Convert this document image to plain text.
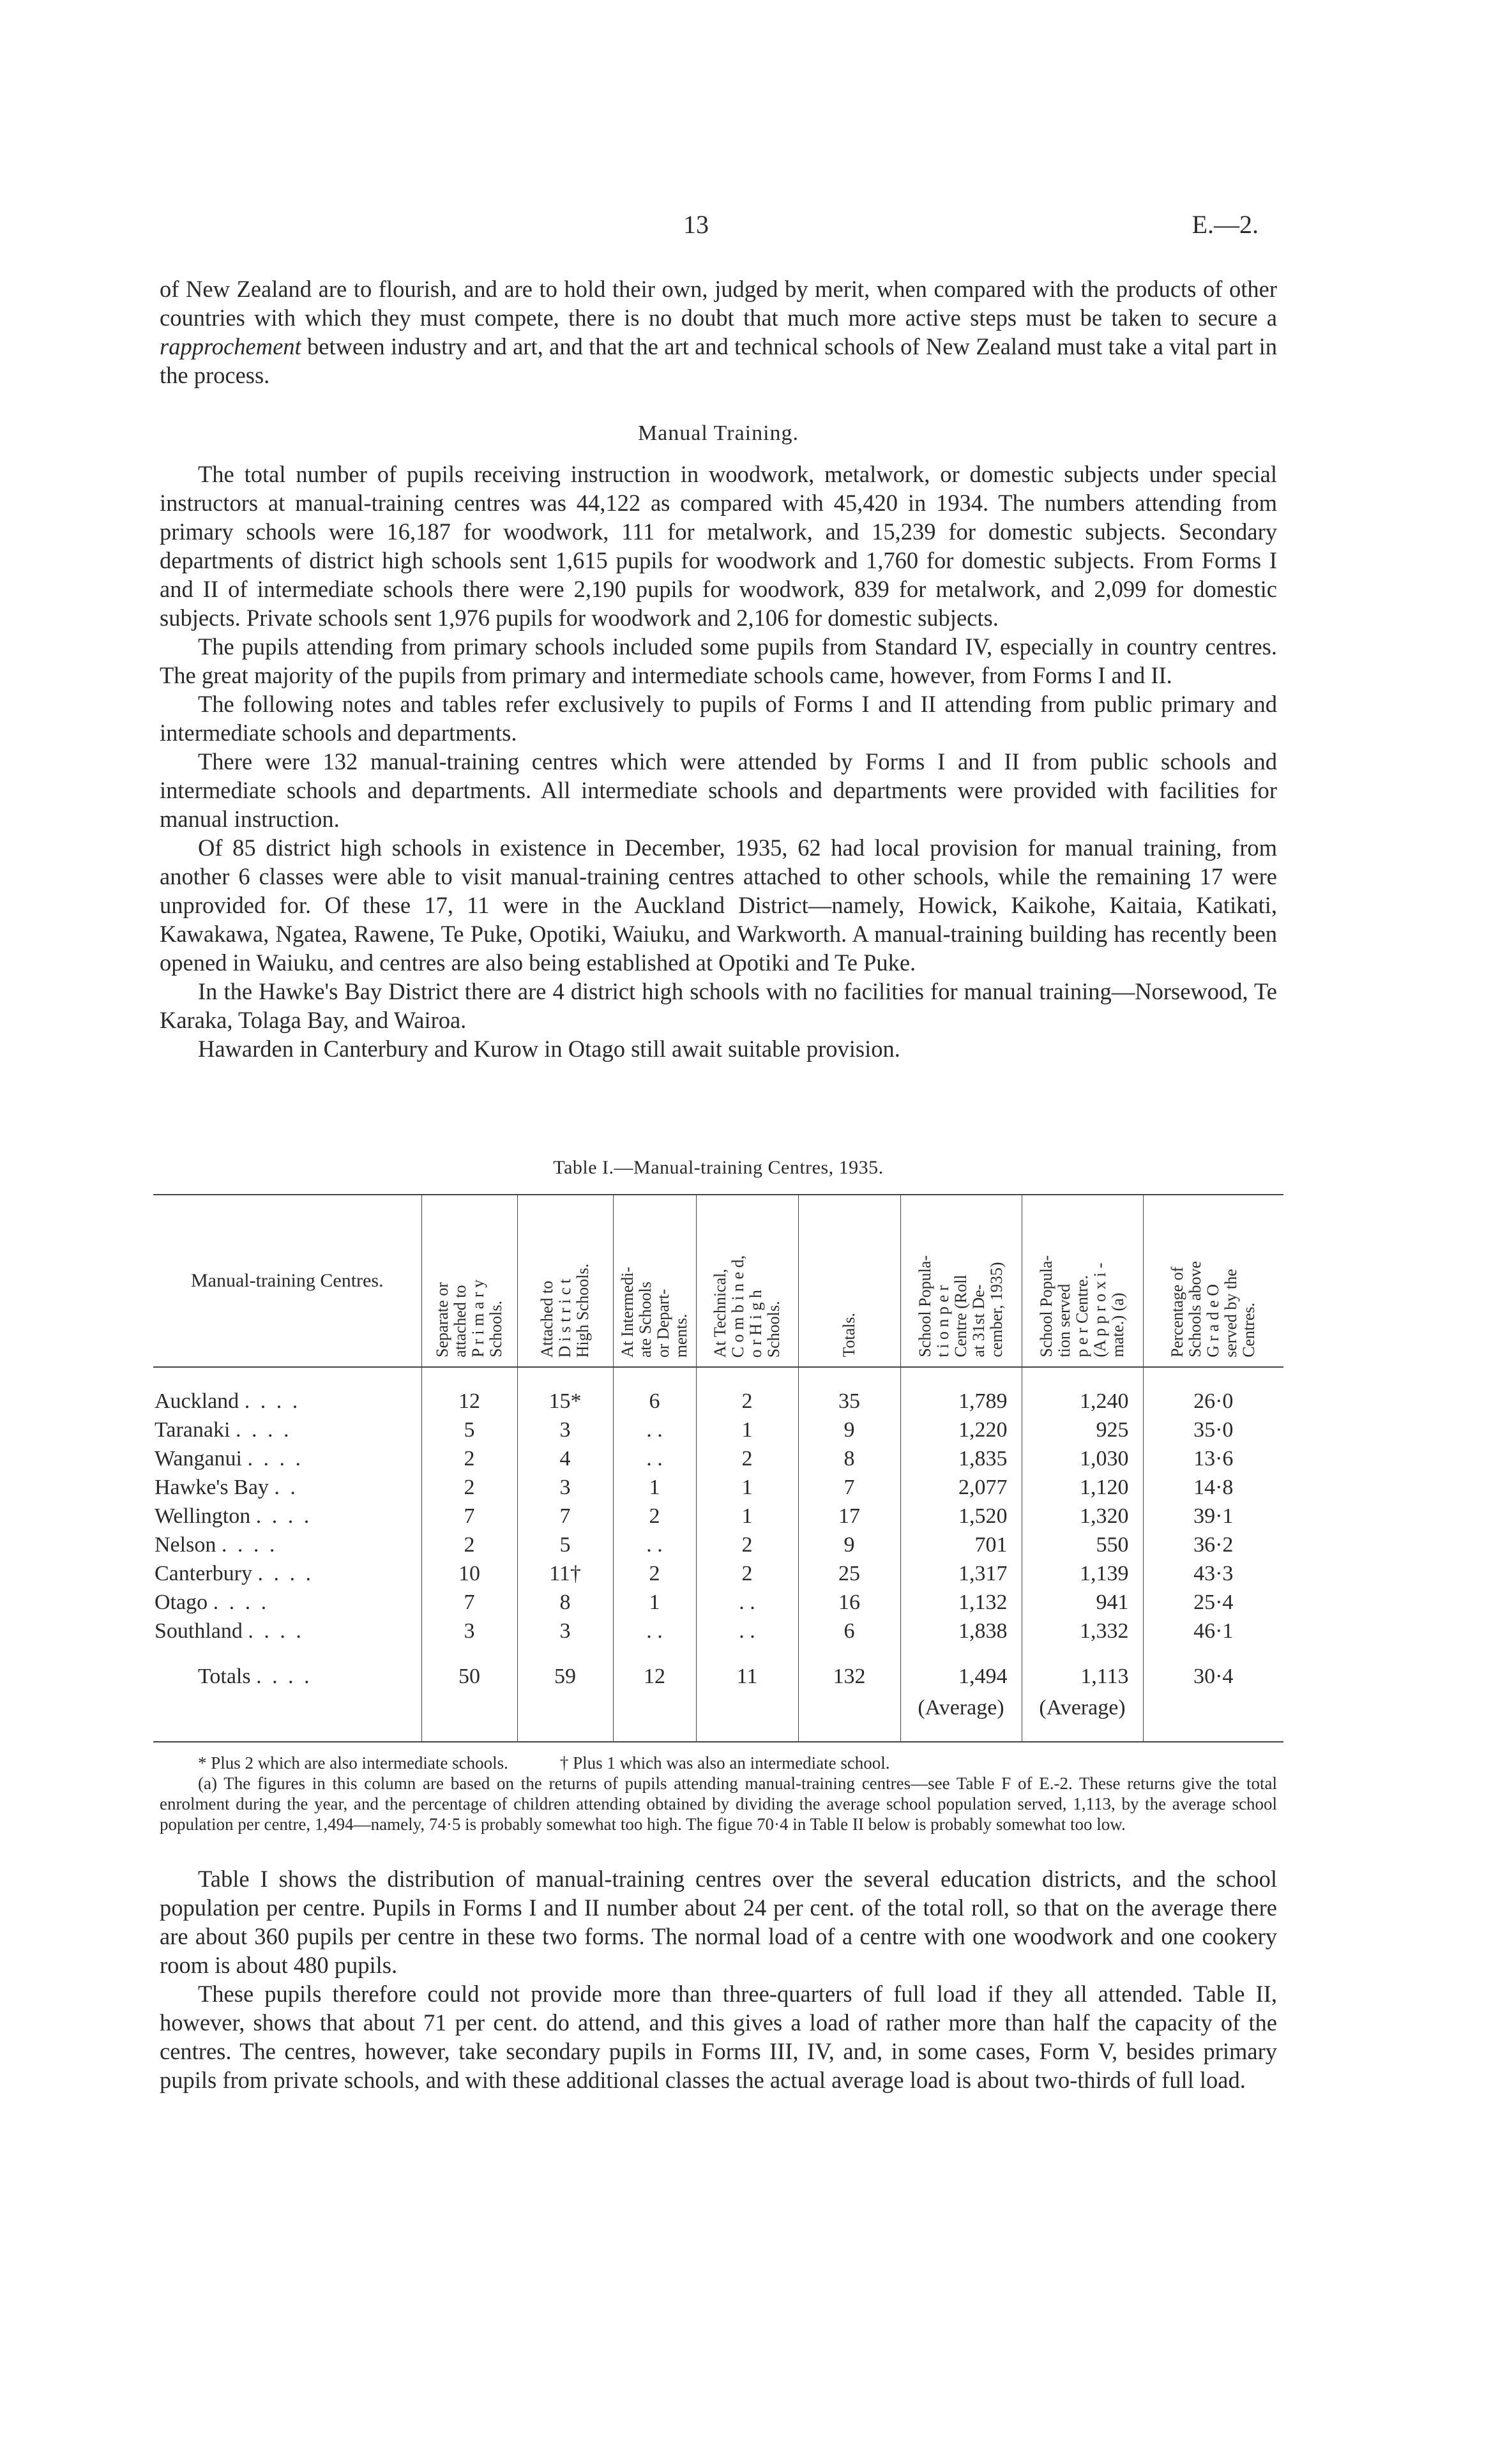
13	E.—2.

of New Zealand are to flourish, and are to hold their own, judged by merit, when compared with the products of other countries with which they must compete, there is no doubt that much more active steps must be taken to secure a rapprochement between industry and art, and that the art and technical schools of New Zealand must take a vital part in the process.

Manual Training.

The total number of pupils receiving instruction in woodwork, metalwork, or domestic subjects under special instructors at manual-training centres was 44,122 as compared with 45,420 in 1934. The numbers attending from primary schools were 16,187 for woodwork, 111 for metalwork, and 15,239 for domestic subjects. Secondary departments of district high schools sent 1,615 pupils for woodwork and 1,760 for domestic subjects. From Forms I and II of intermediate schools there were 2,190 pupils for woodwork, 839 for metalwork, and 2,099 for domestic subjects. Private schools sent 1,976 pupils for woodwork and 2,106 for domestic subjects.

The pupils attending from primary schools included some pupils from Standard IV, especially in country centres. The great majority of the pupils from primary and intermediate schools came, however, from Forms I and II.

The following notes and tables refer exclusively to pupils of Forms I and II attending from public primary and intermediate schools and departments.

There were 132 manual-training centres which were attended by Forms I and II from public schools and intermediate schools and departments. All intermediate schools and departments were provided with facilities for manual instruction.

Of 85 district high schools in existence in December, 1935, 62 had local provision for manual training, from another 6 classes were able to visit manual-training centres attached to other schools, while the remaining 17 were unprovided for. Of these 17, 11 were in the Auckland District—namely, Howick, Kaikohe, Kaitaia, Katikati, Kawakawa, Ngatea, Rawene, Te Puke, Opotiki, Waiuku, and Warkworth. A manual-training building has recently been opened in Waiuku, and centres are also being established at Opotiki and Te Puke.

In the Hawke's Bay District there are 4 district high schools with no facilities for manual training—Norsewood, Te Karaka, Tolaga Bay, and Wairoa.

Hawarden in Canterbury and Kurow in Otago still await suitable provision.

Table I.—Manual-training Centres, 1935.
Manual-training Centres.	Separate or
attached to
P r i m a r y
Schools.	Attached to
D i s t r i c t
High Schools.	At Intermedi-
ate Schools
or Depart-
ments.	At Technical,
C o m b i n e d,
o r H i g h
Schools.	Totals.	School Popula-
t i o n p e r
Centre (Roll
at 31st De-
cember, 1935)	School Popula-
tion served
p e r Centre.
(A p p r o x i -
mate.) (a)	Percentage of
Schools above
G r a d e O
served by the
Centres.

Auckland . . . .	12	15*	6	2	35	1,789	1,240	26·0
Taranaki . . . .	5	3	. .	1	9	1,220	925	35·0
Wanganui . . . .	2	4	. .	2	8	1,835	1,030	13·6
Hawke's Bay . .	2	3	1	1	7	2,077	1,120	14·8
Wellington . . . .	7	7	2	1	17	1,520	1,320	39·1
Nelson . . . .	2	5	. .	2	9	701	550	36·2
Canterbury . . . .	10	11†	2	2	25	1,317	1,139	43·3
Otago . . . .	7	8	1	. .	16	1,132	941	25·4
Southland . . . .	3	3	. .	. .	6	1,838	1,332	46·1
Totals . . . .	50	59	12	11	132	1,494	1,113	30·4
						(Average)	(Average)	

* Plus 2 which are also intermediate schools.	† Plus 1 which was also an intermediate school.

(a) The figures in this column are based on the returns of pupils attending manual-training centres—see Table F of E.-2. These returns give the total enrolment during the year, and the percentage of children attending obtained by dividing the average school population served, 1,113, by the average school population per centre, 1,494—namely, 74·5 is probably somewhat too high. The figue 70·4 in Table II below is probably somewhat too low.

Table I shows the distribution of manual-training centres over the several education districts, and the school population per centre. Pupils in Forms I and II number about 24 per cent. of the total roll, so that on the average there are about 360 pupils per centre in these two forms. The normal load of a centre with one woodwork and one cookery room is about 480 pupils.

These pupils therefore could not provide more than three-quarters of full load if they all attended. Table II, however, shows that about 71 per cent. do attend, and this gives a load of rather more than half the capacity of the centres. The centres, however, take secondary pupils in Forms III, IV, and, in some cases, Form V, besides primary pupils from private schools, and with these additional classes the actual average load is about two-thirds of full load.
